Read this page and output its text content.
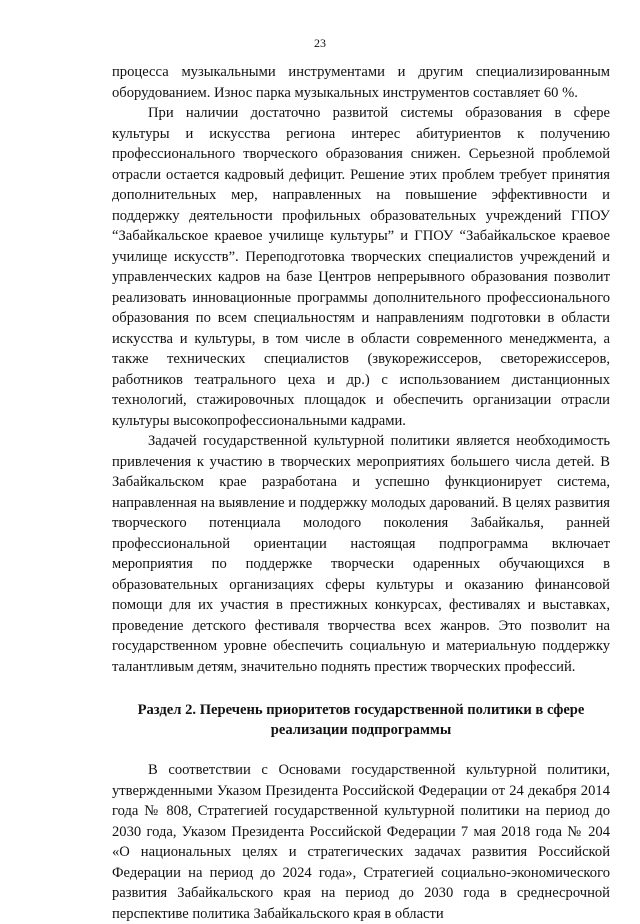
23

процесса музыкальными инструментами и другим специализированным оборудованием. Износ парка музыкальных инструментов составляет 60 %.

При наличии достаточно развитой системы образования в сфере культуры и искусства региона интерес абитуриентов к получению профессионального творческого образования снижен. Серьезной проблемой отрасли остается кадровый дефицит. Решение этих проблем требует принятия дополнительных мер, направленных на повышение эффективности и поддержку деятельности профильных образовательных учреждений ГПОУ “Забайкальское краевое училище культуры” и ГПОУ “Забайкальское краевое училище искусств”. Переподготовка творческих специалистов учреждений и управленческих кадров на базе Центров непрерывного образования позволит реализовать инновационные программы дополнительного профессионального образования по всем специальностям и направлениям подготовки в области искусства и культуры, в том числе в области современного менеджмента, а также технических специалистов (звукорежиссеров, светорежиссеров, работников театрального цеха и др.) с использованием дистанционных технологий, стажировочных площадок и обеспечить организации отрасли культуры высокопрофессиональными кадрами.

Задачей государственной культурной политики является необходимость привлечения к участию в творческих мероприятиях большего числа детей. В Забайкальском крае разработана и успешно функционирует система, направленная на выявление и поддержку молодых дарований. В целях развития творческого потенциала молодого поколения Забайкалья, ранней профессиональной ориентации настоящая подпрограмма включает мероприятия по поддержке творчески одаренных обучающихся в образовательных организациях сферы культуры и оказанию финансовой помощи для их участия в престижных конкурсах, фестивалях и выставках, проведение детского фестиваля творчества всех жанров. Это позволит на государственном уровне обеспечить социальную и материальную поддержку талантливым детям, значительно поднять престиж творческих профессий.

Раздел 2. Перечень приоритетов государственной политики в сфере реализации подпрограммы

В соответствии с Основами государственной культурной политики, утвержденными Указом Президента Российской Федерации от 24 декабря 2014 года № 808, Стратегией государственной культурной политики на период до 2030 года, Указом Президента Российской Федерации 7 мая 2018 года № 204 «О национальных целях и стратегических задачах развития Российской Федерации на период до 2024 года», Стратегией социально-экономического развития Забайкальского края на период до 2030 года в среднесрочной перспективе политика Забайкальского края в области
